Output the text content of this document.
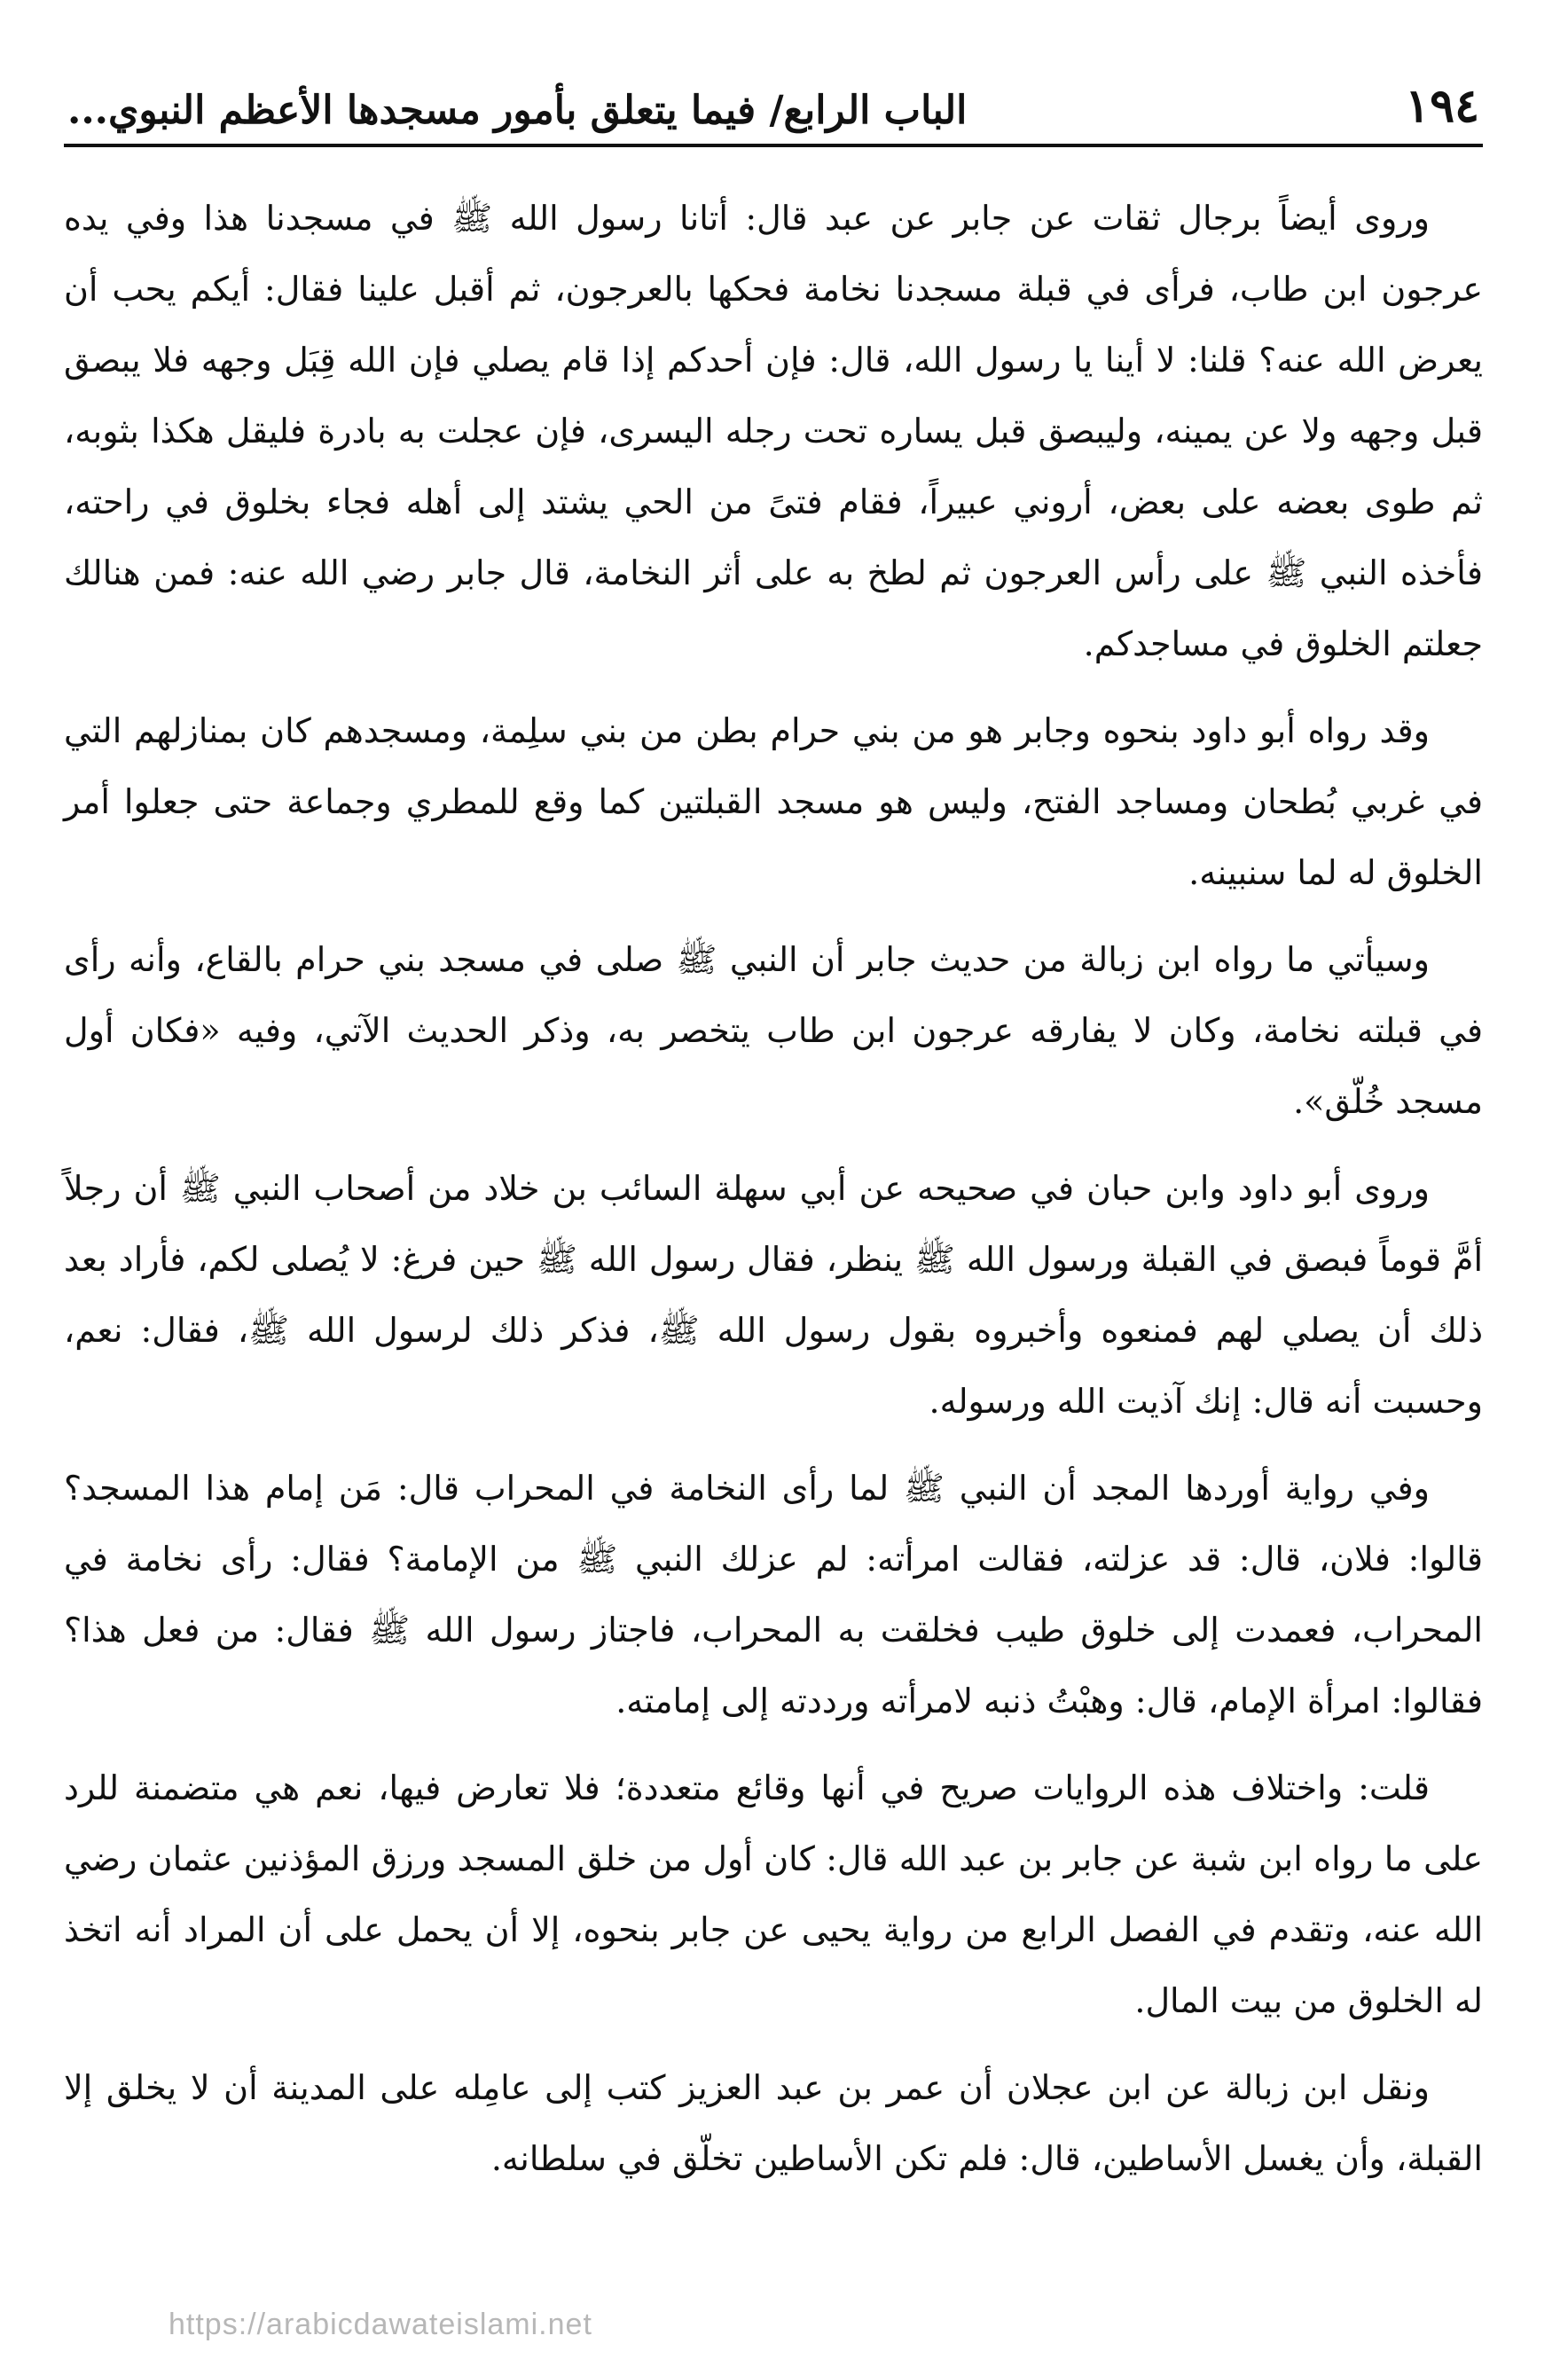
١٩٤
الباب الرابع/ فيما يتعلق بأمور مسجدها الأعظم النبوي...

وروى أيضاً برجال ثقات عن جابر عن عبد قال: أتانا رسول الله ﷺ في مسجدنا هذا وفي يده عرجون ابن طاب، فرأى في قبلة مسجدنا نخامة فحكها بالعرجون، ثم أقبل علينا فقال: أيكم يحب أن يعرض الله عنه؟ قلنا: لا أينا يا رسول الله، قال: فإن أحدكم إذا قام يصلي فإن الله قِبَل وجهه فلا يبصق قبل وجهه ولا عن يمينه، وليبصق قبل يساره تحت رجله اليسرى، فإن عجلت به بادرة فليقل هكذا بثوبه، ثم طوى بعضه على بعض، أروني عبيراً، فقام فتىً من الحي يشتد إلى أهله فجاء بخلوق في راحته، فأخذه النبي ﷺ على رأس العرجون ثم لطخ به على أثر النخامة، قال جابر رضي الله عنه: فمن هنالك جعلتم الخلوق في مساجدكم.

وقد رواه أبو داود بنحوه وجابر هو من بني حرام بطن من بني سلِمة، ومسجدهم كان بمنازلهم التي في غربي بُطحان ومساجد الفتح، وليس هو مسجد القبلتين كما وقع للمطري وجماعة حتى جعلوا أمر الخلوق له لما سنبينه.

وسيأتي ما رواه ابن زبالة من حديث جابر أن النبي ﷺ صلى في مسجد بني حرام بالقاع، وأنه رأى في قبلته نخامة، وكان لا يفارقه عرجون ابن طاب يتخصر به، وذكر الحديث الآتي، وفيه «فكان أول مسجد خُلّق».

وروى أبو داود وابن حبان في صحيحه عن أبي سهلة السائب بن خلاد من أصحاب النبي ﷺ أن رجلاً أمَّ قوماً فبصق في القبلة ورسول الله ﷺ ينظر، فقال رسول الله ﷺ حين فرغ: لا يُصلى لكم، فأراد بعد ذلك أن يصلي لهم فمنعوه وأخبروه بقول رسول الله ﷺ، فذكر ذلك لرسول الله ﷺ، فقال: نعم، وحسبت أنه قال: إنك آذيت الله ورسوله.

وفي رواية أوردها المجد أن النبي ﷺ لما رأى النخامة في المحراب قال: مَن إمام هذا المسجد؟ قالوا: فلان، قال: قد عزلته، فقالت امرأته: لم عزلك النبي ﷺ من الإمامة؟ فقال: رأى نخامة في المحراب، فعمدت إلى خلوق طيب فخلقت به المحراب، فاجتاز رسول الله ﷺ فقال: من فعل هذا؟ فقالوا: امرأة الإمام، قال: وهبْتُ ذنبه لامرأته ورددته إلى إمامته.

قلت: واختلاف هذه الروايات صريح في أنها وقائع متعددة؛ فلا تعارض فيها، نعم هي متضمنة للرد على ما رواه ابن شبة عن جابر بن عبد الله قال: كان أول من خلق المسجد ورزق المؤذنين عثمان رضي الله عنه، وتقدم في الفصل الرابع من رواية يحيى عن جابر بنحوه، إلا أن يحمل على أن المراد أنه اتخذ له الخلوق من بيت المال.

ونقل ابن زبالة عن ابن عجلان أن عمر بن عبد العزيز كتب إلى عامِله على المدينة أن لا يخلق إلا القبلة، وأن يغسل الأساطين، قال: فلم تكن الأساطين تخلّق في سلطانه.

https://arabicdawateislami.net
